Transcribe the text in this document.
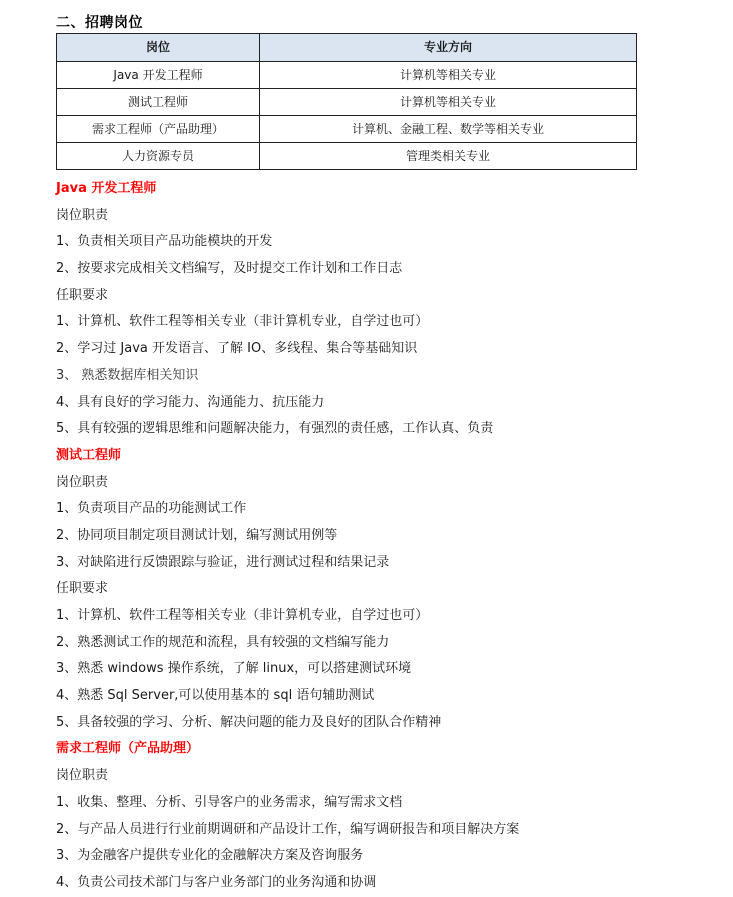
二、招聘岗位
岗位	专业方向
Java 开发工程师	计算机等相关专业
测试工程师	计算机等相关专业
需求工程师（产品助理）	计算机、金融工程、数学等相关专业
人力资源专员	管理类相关专业
Java 开发工程师
岗位职责
1、负责相关项目产品功能模块的开发
2、按要求完成相关文档编写，及时提交工作计划和工作日志
任职要求
1、计算机、软件工程等相关专业（非计算机专业，自学过也可）
2、学习过 Java 开发语言、了解 IO、多线程、集合等基础知识
3、 熟悉数据库相关知识
4、具有良好的学习能力、沟通能力、抗压能力
5、具有较强的逻辑思维和问题解决能力，有强烈的责任感，工作认真、负责
测试工程师
岗位职责
1、负责项目产品的功能测试工作
2、协同项目制定项目测试计划，编写测试用例等
3、对缺陷进行反馈跟踪与验证，进行测试过程和结果记录
任职要求
1、计算机、软件工程等相关专业（非计算机专业，自学过也可）
2、熟悉测试工作的规范和流程，具有较强的文档编写能力
3、熟悉 windows 操作系统，了解 linux，可以搭建测试环境
4、熟悉 Sql Server,可以使用基本的 sql 语句辅助测试
5、具备较强的学习、分析、解决问题的能力及良好的团队合作精神
需求工程师（产品助理）
岗位职责
1、收集、整理、分析、引导客户的业务需求，编写需求文档
2、与产品人员进行行业前期调研和产品设计工作，编写调研报告和项目解决方案
3、为金融客户提供专业化的金融解决方案及咨询服务
4、负责公司技术部门与客户业务部门的业务沟通和协调
